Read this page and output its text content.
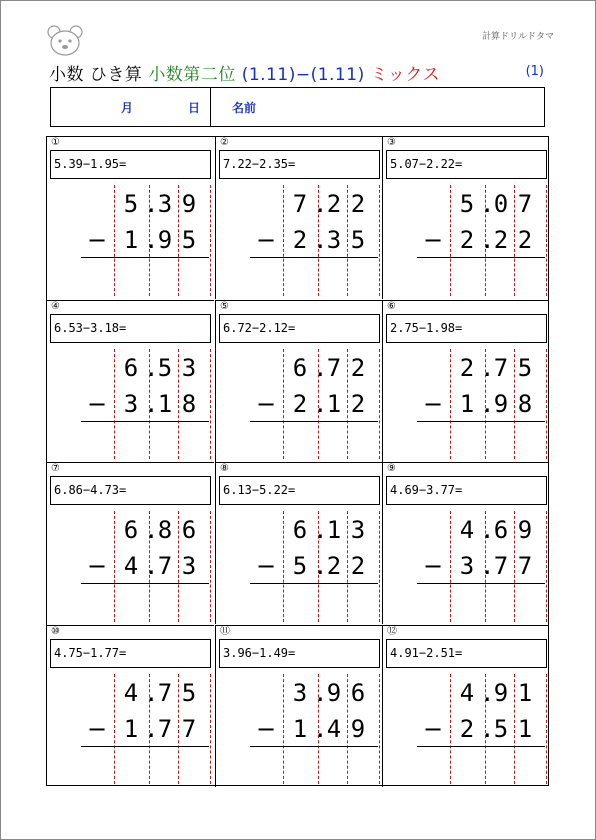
計算ドリルドタマ
小数 ひき算 小数第二位 (1.11)−(1.11) ミックス	(1)
月	日	名前
①
5.39−1.95=
5 3 9
.
− 1 9 5
.
②
7.22−2.35=
7 2 2
.
− 2 3 5
.
③
5.07−2.22=
5 0 7
.
− 2 2 2
.
④
6.53−3.18=
6 5 3
.
− 3 1 8
.
⑤
6.72−2.12=
6 7 2
.
− 2 1 2
.
⑥
2.75−1.98=
2 7 5
.
− 1 9 8
.
⑦
6.86−4.73=
6 8 6
.
− 4 7 3
.
⑧
6.13−5.22=
6 1 3
.
− 5 2 2
.
⑨
4.69−3.77=
4 6 9
.
− 3 7 7
.
⑩
4.75−1.77=
4 7 5
.
− 1 7 7
.
⑪
3.96−1.49=
3 9 6
.
− 1 4 9
.
⑫
4.91−2.51=
4 9 1
.
− 2 5 1
.
